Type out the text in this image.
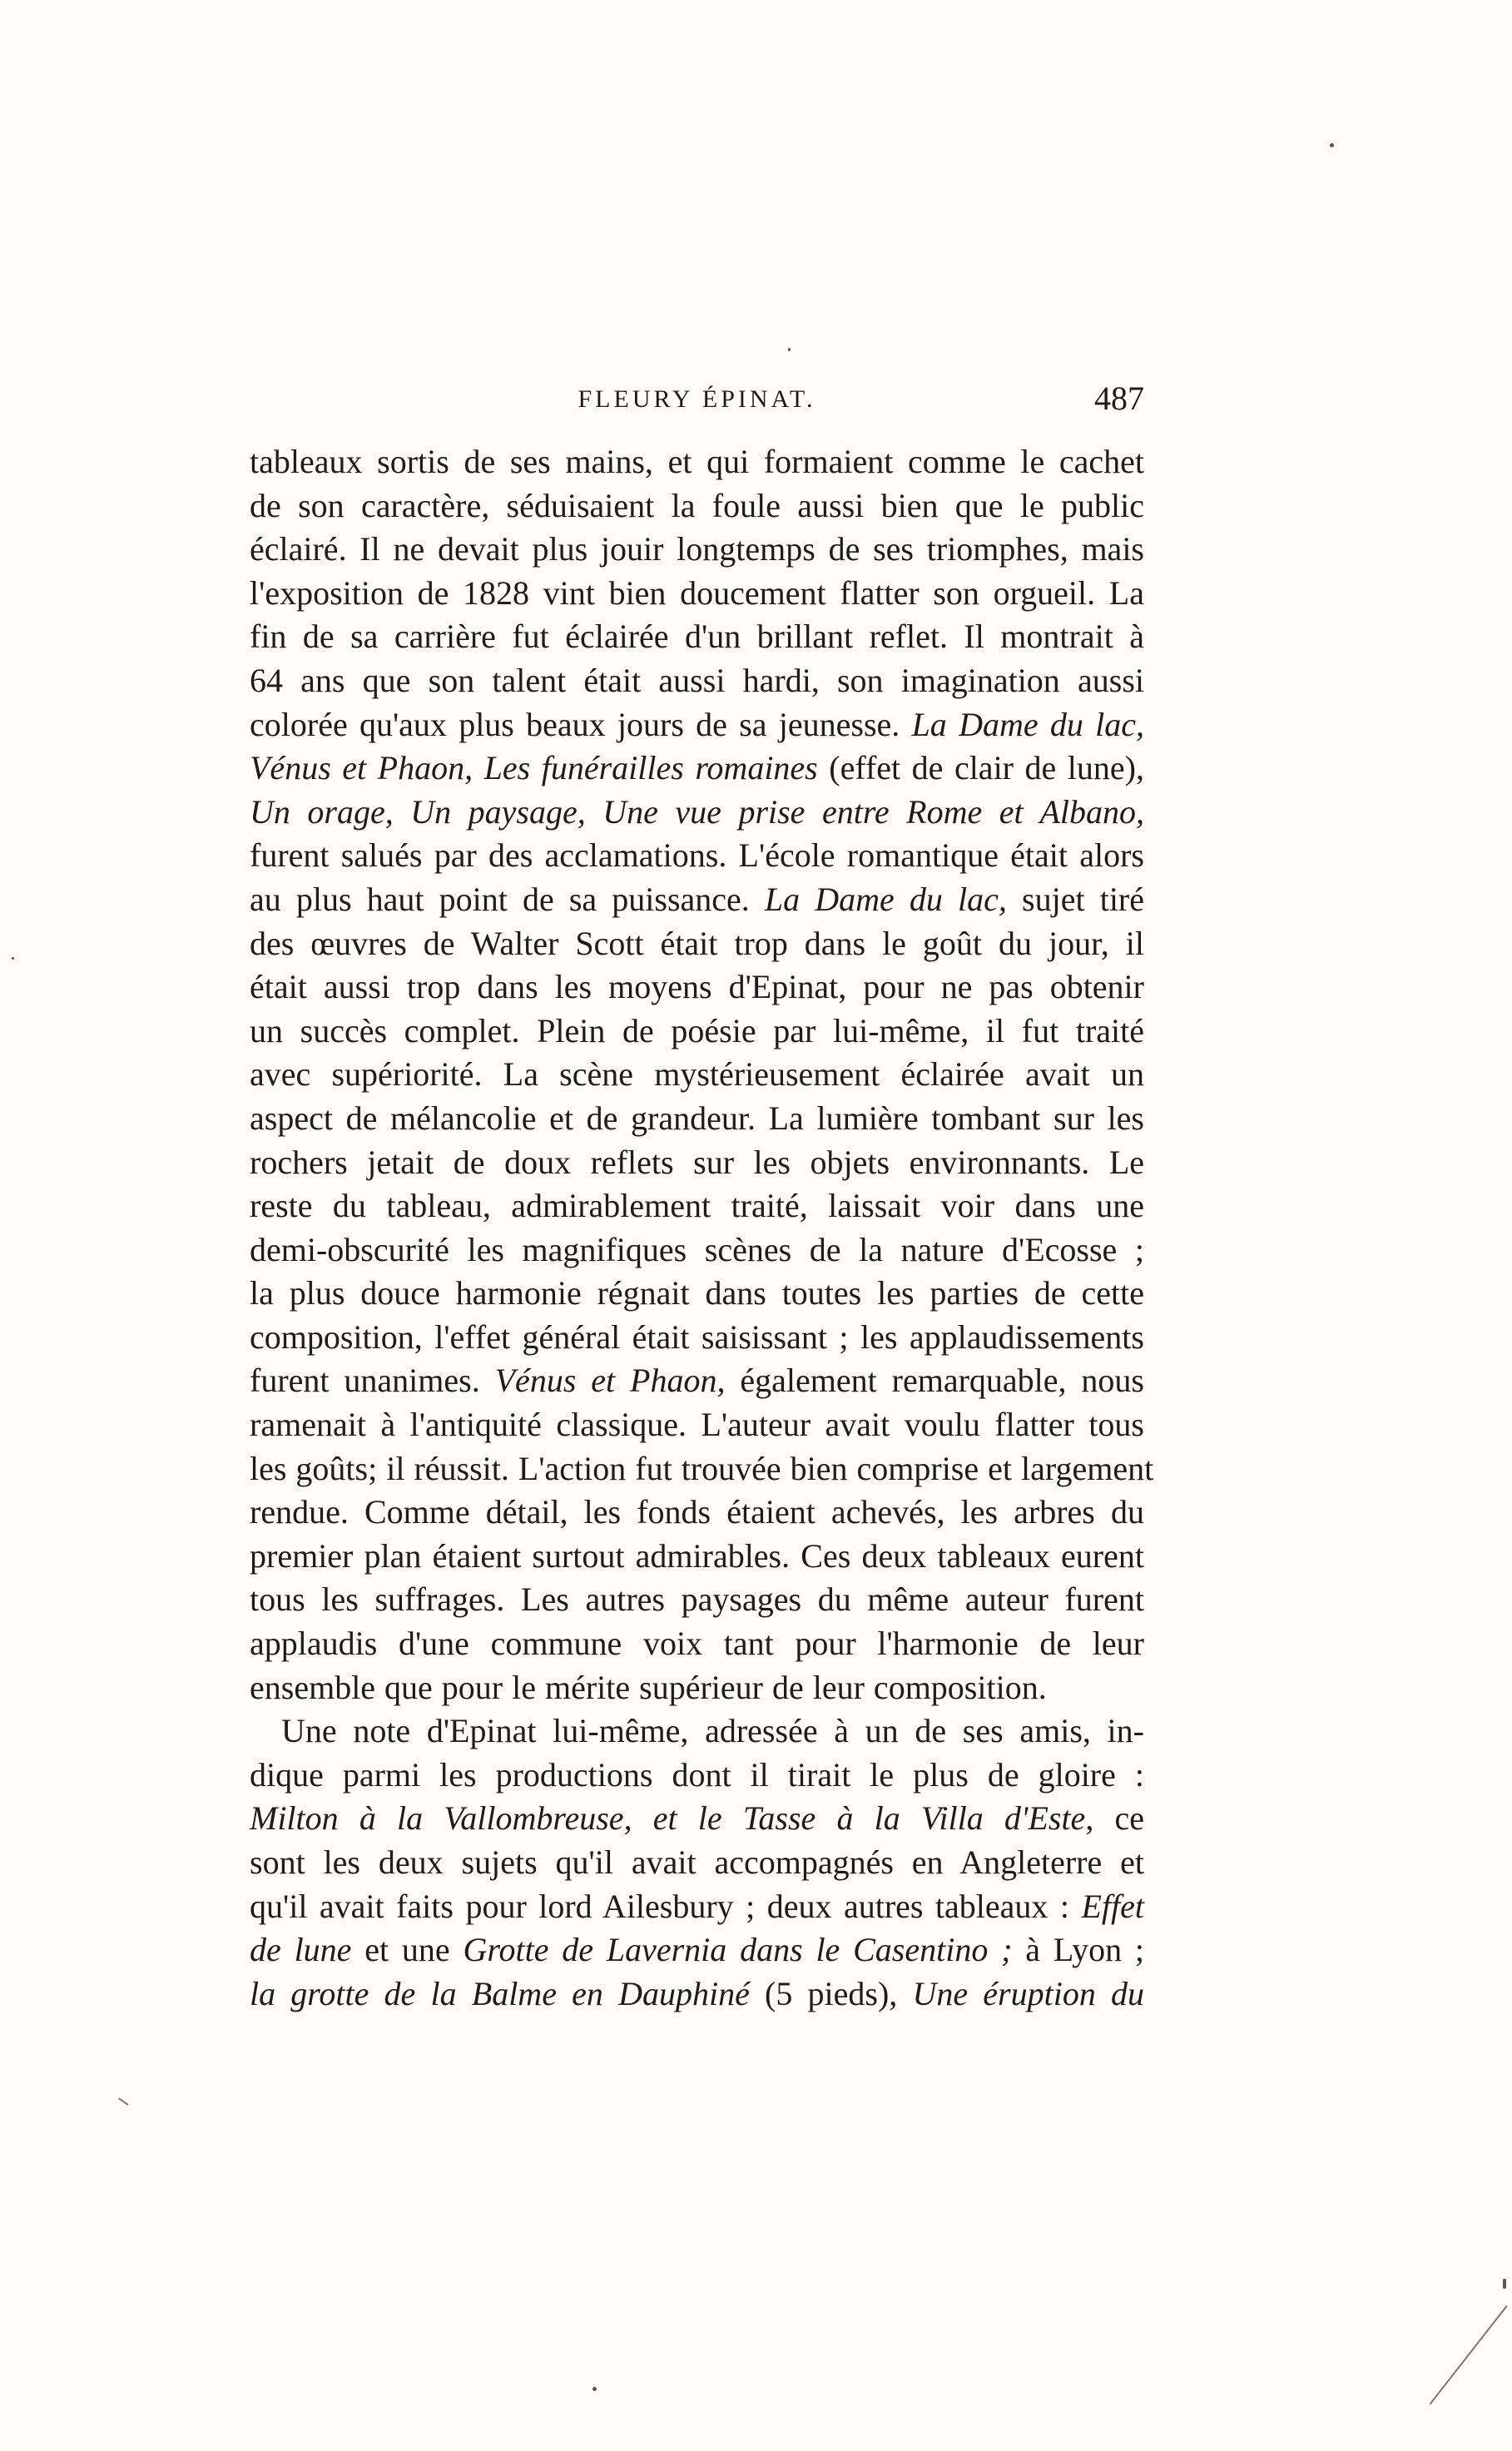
FLEURY ÉPINAT.	487

tableaux sortis de ses mains, et qui formaient comme le cachet
de son caractère, séduisaient la foule aussi bien que le public
éclairé. Il ne devait plus jouir longtemps de ses triomphes, mais
l'exposition de 1828 vint bien doucement flatter son orgueil. La
fin de sa carrière fut éclairée d'un brillant reflet. Il montrait à
64 ans que son talent était aussi hardi, son imagination aussi
colorée qu'aux plus beaux jours de sa jeunesse. La Dame du lac,
Vénus et Phaon, Les funérailles romaines (effet de clair de lune),
Un orage, Un paysage, Une vue prise entre Rome et Albano,
furent salués par des acclamations. L'école romantique était alors
au plus haut point de sa puissance. La Dame du lac, sujet tiré
des œuvres de Walter Scott était trop dans le goût du jour, il
était aussi trop dans les moyens d'Epinat, pour ne pas obtenir
un succès complet. Plein de poésie par lui-même, il fut traité
avec supériorité. La scène mystérieusement éclairée avait un
aspect de mélancolie et de grandeur. La lumière tombant sur les
rochers jetait de doux reflets sur les objets environnants. Le
reste du tableau, admirablement traité, laissait voir dans une
demi-obscurité les magnifiques scènes de la nature d'Ecosse ;
la plus douce harmonie régnait dans toutes les parties de cette
composition, l'effet général était saisissant ; les applaudissements
furent unanimes. Vénus et Phaon, également remarquable, nous
ramenait à l'antiquité classique. L'auteur avait voulu flatter tous
les goûts; il réussit. L'action fut trouvée bien comprise et largement
rendue. Comme détail, les fonds étaient achevés, les arbres du
premier plan étaient surtout admirables. Ces deux tableaux eurent
tous les suffrages. Les autres paysages du même auteur furent
applaudis d'une commune voix tant pour l'harmonie de leur
ensemble que pour le mérite supérieur de leur composition.

Une note d'Epinat lui-même, adressée à un de ses amis, in-
dique parmi les productions dont il tirait le plus de gloire :
Milton à la Vallombreuse, et le Tasse à la Villa d'Este, ce
sont les deux sujets qu'il avait accompagnés en Angleterre et
qu'il avait faits pour lord Ailesbury ; deux autres tableaux : Effet
de lune et une Grotte de Lavernia dans le Casentino ; à Lyon ;
la grotte de la Balme en Dauphiné (5 pieds), Une éruption du
